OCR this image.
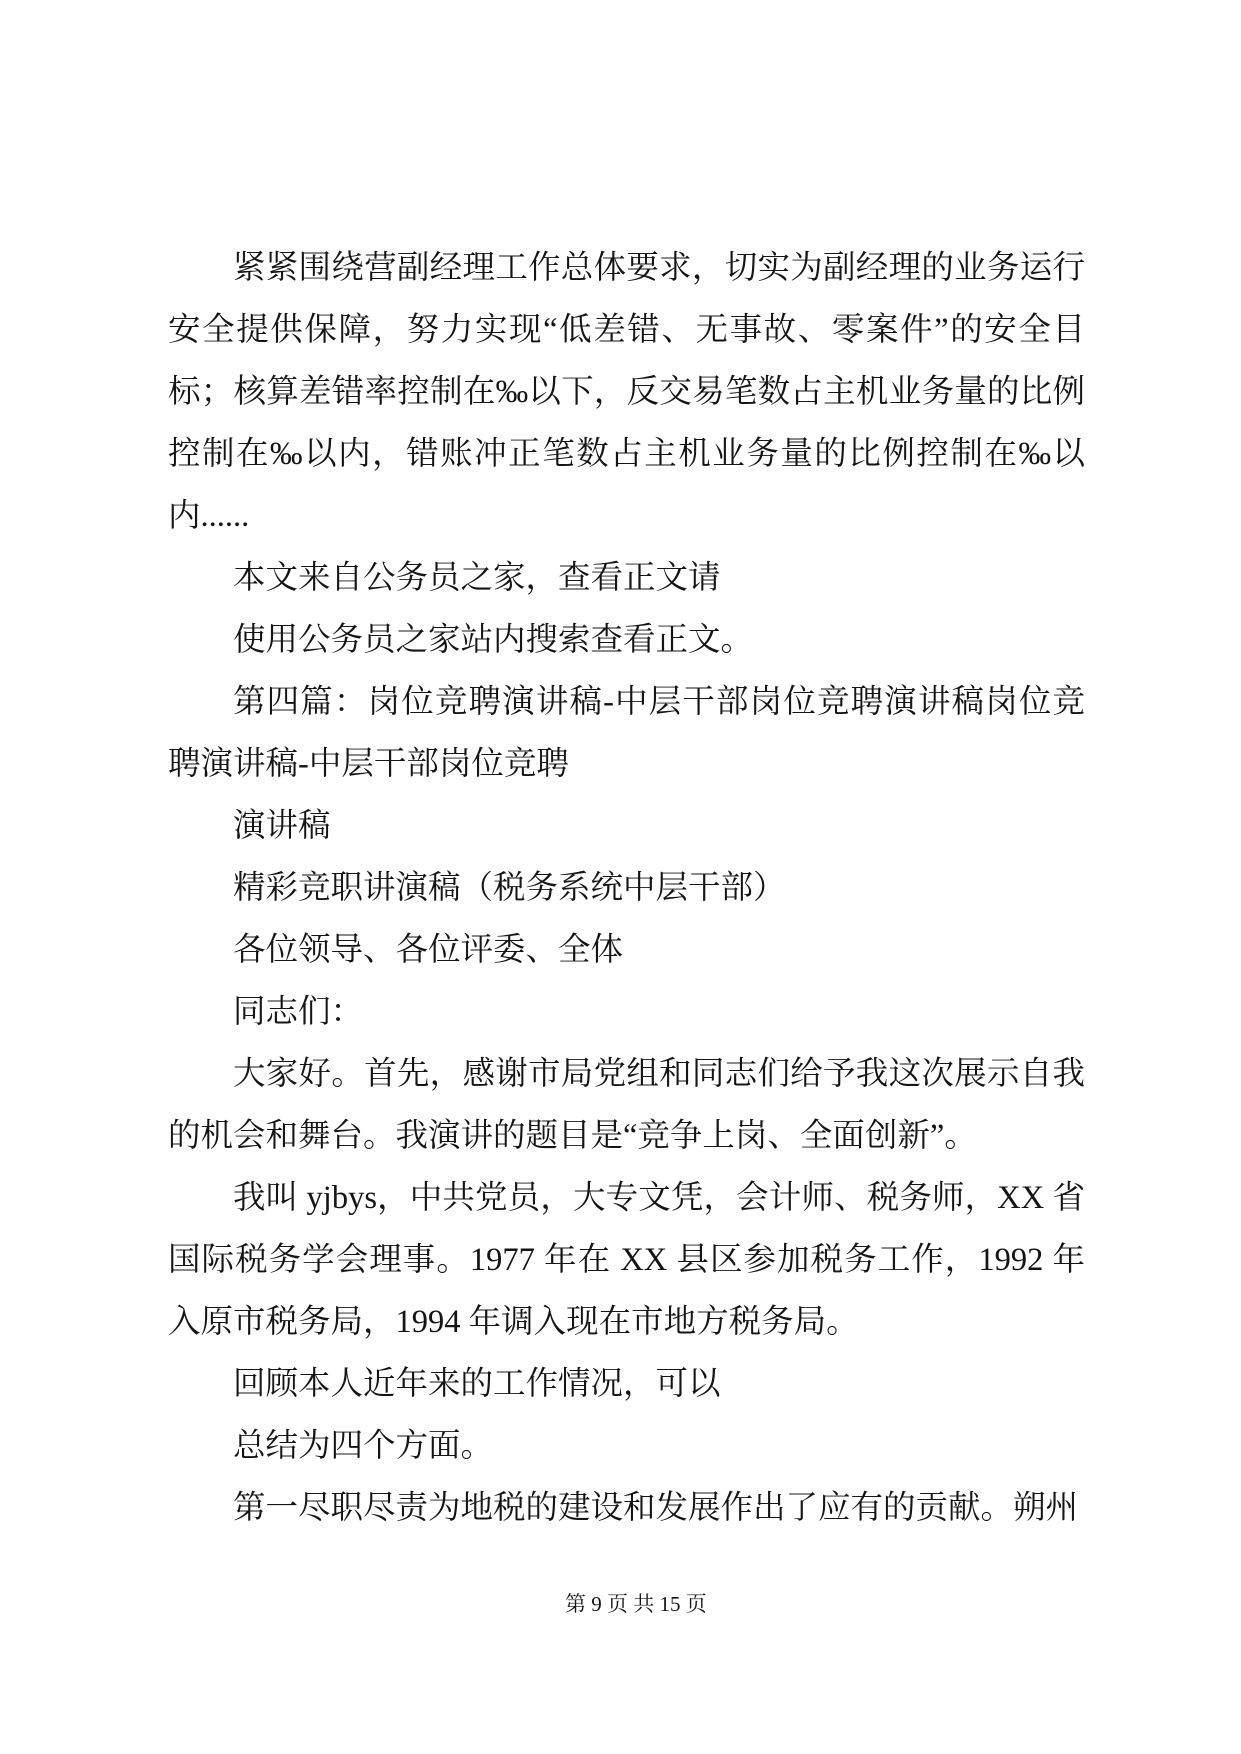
紧紧围绕营副经理工作总体要求，切实为副经理的业务运行
安全提供保障，努力实现“低差错、无事故、零案件”的安全目
标；核算差错率控制在‰以下，反交易笔数占主机业务量的比例
控制在‰以内，错账冲正笔数占主机业务量的比例控制在‰以
内......
本文来自公务员之家，查看正文请
使用公务员之家站内搜索查看正文。
第四篇：岗位竞聘演讲稿-中层干部岗位竞聘演讲稿岗位竞
聘演讲稿-中层干部岗位竞聘
演讲稿
精彩竞职讲演稿（税务系统中层干部）
各位领导、各位评委、全体
同志们：
大家好。首先，感谢市局党组和同志们给予我这次展示自我
的机会和舞台。我演讲的题目是“竞争上岗、全面创新”。
我叫 yjbys，中共党员，大专文凭，会计师、税务师，XX 省
国际税务学会理事。1977 年在 XX 县区参加税务工作，1992 年
入原市税务局，1994 年调入现在市地方税务局。
回顾本人近年来的工作情况，可以
总结为四个方面。
第一尽职尽责为地税的建设和发展作出了应有的贡献。朔州
第 9 页 共 15 页
